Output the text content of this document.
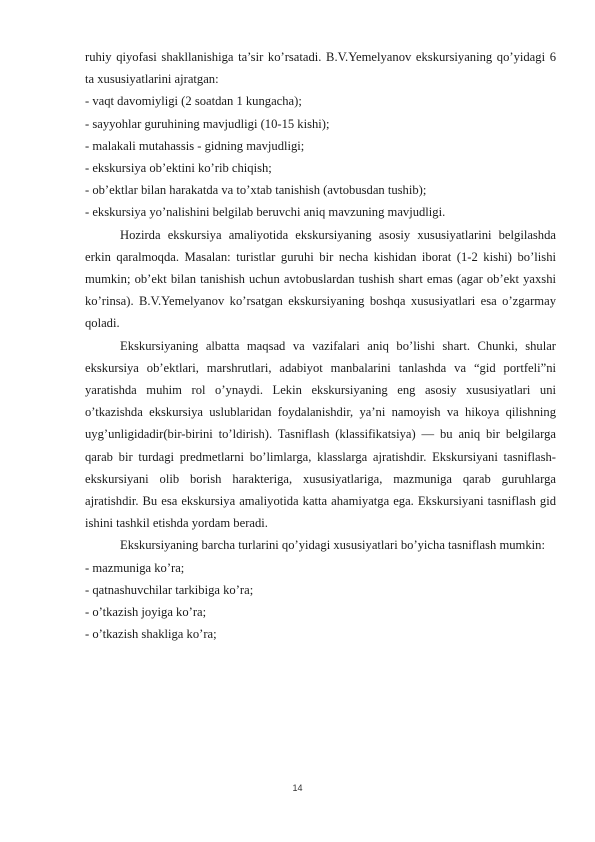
ruhiy qiyofasi shakllanishiga ta’sir ko’rsatadi. B.V.Yemelyanov ekskursiyaning qo’yidagi 6 ta xususiyatlarini ajratgan:

- vaqt davomiyligi (2 soatdan 1 kungacha);

- sayyohlar guruhining mavjudligi (10-15 kishi);

- malakali mutahassis - gidning mavjudligi;

- ekskursiya ob’ektini ko’rib chiqish;

- ob’ektlar bilan harakatda va to’xtab tanishish (avtobusdan tushib);

- ekskursiya yo’nalishini belgilab beruvchi aniq mavzuning mavjudligi.

Hozirda ekskursiya amaliyotida ekskursiyaning asosiy xususiyatlarini belgilashda erkin qaralmoqda. Masalan: turistlar guruhi bir necha kishidan iborat (1-2 kishi) bo’lishi mumkin; ob’ekt bilan tanishish uchun avtobuslardan tushish shart emas (agar ob’ekt yaxshi ko’rinsa). B.V.Yemelyanov ko’rsatgan ekskursiyaning boshqa xususiyatlari esa o’zgarmay qoladi.

Ekskursiyaning albatta maqsad va vazifalari aniq bo’lishi shart. Chunki, shular ekskursiya ob’ektlari, marshrutlari, adabiyot manbalarini tanlashda va “gid portfeli”ni yaratishda muhim rol o’ynaydi. Lekin ekskursiyaning eng asosiy xususiyatlari uni o’tkazishda ekskursiya uslublaridan foydalanishdir, ya’ni namoyish va hikoya qilishning uyg’unligidadir(bir-birini to’ldirish). Tasniflash (klassifikatsiya) — bu aniq bir belgilarga qarab bir turdagi predmetlarni bo’limlarga, klasslarga ajratishdir. Ekskursiyani tasniflash-ekskursiyani olib borish harakteriga, xususiyatlariga, mazmuniga qarab guruhlarga ajratishdir. Bu esa ekskursiya amaliyotida katta ahamiyatga ega. Ekskursiyani tasniflash gid ishini tashkil etishda yordam beradi.

Ekskursiyaning barcha turlarini qo’yidagi xususiyatlari bo’yicha tasniflash mumkin:

- mazmuniga ko’ra;

- qatnashuvchilar tarkibiga ko’ra;

- o’tkazish joyiga ko’ra;

- o’tkazish shakliga ko’ra;

14
